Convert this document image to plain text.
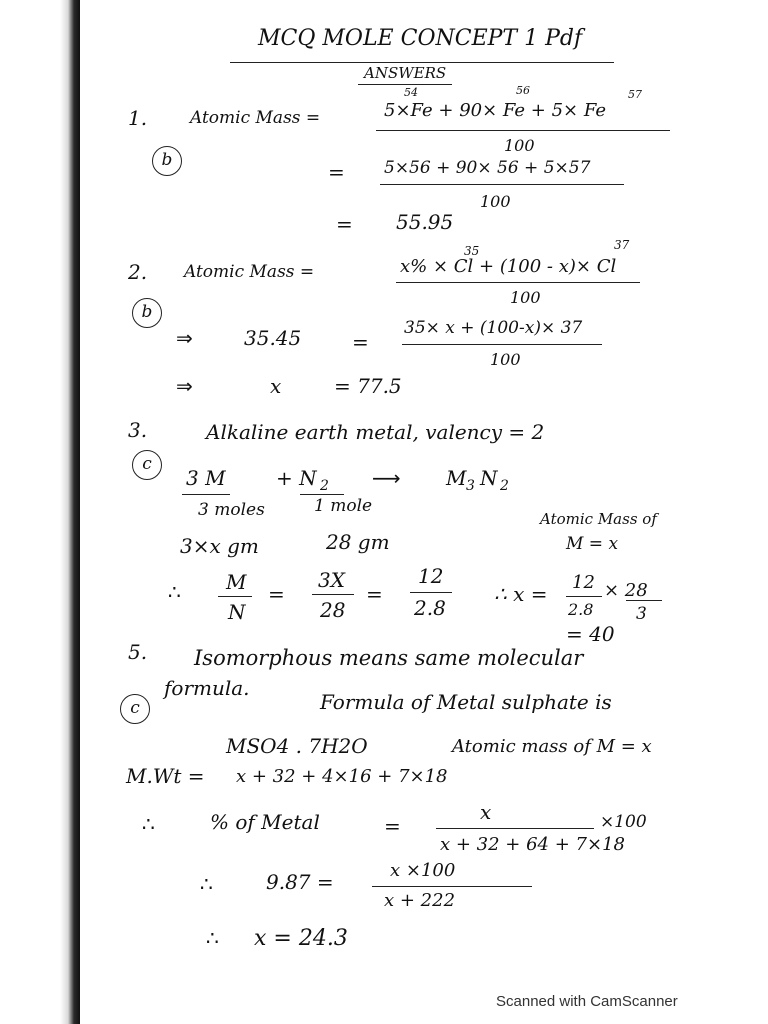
MCQ MOLE CONCEPT 1 Pdf
ANSWERS
1.	Atomic Mass =
54	56	57
5×Fe + 90× Fe + 5× Fe
100
b	= 5×56 + 90× 56 + 5×57
100
= 55.95
2. Atomic Mass =
35	37
x% × Cl + (100 - x)× Cl
100
b
⇒	35.45	=
35× x + (100-x)× 37
100
⇒	x	= 77.5
3.	Alkaline earth metal, valency = 2
c
3 M	+ N 2 ⟶ M 3 N 2
3 moles	1 mole
Atomic Mass of
M = x
3×x gm	28 gm
∴ M
N
=
3X
28
=
12
2.8
∴ x = 12
2.8
× 28
3
= 40
5. Isomorphous means same molecular
formula.
c	Formula of Metal sulphate is
MSO4 . 7H2O	Atomic mass of M = x
M.Wt = x + 32 + 4×16 + 7×18
∴	% of Metal	=
x	×100
x + 32 + 64 + 7×18
∴	9.87 =	x ×100
x + 222
∴ x = 24.3
Scanned with CamScanner
